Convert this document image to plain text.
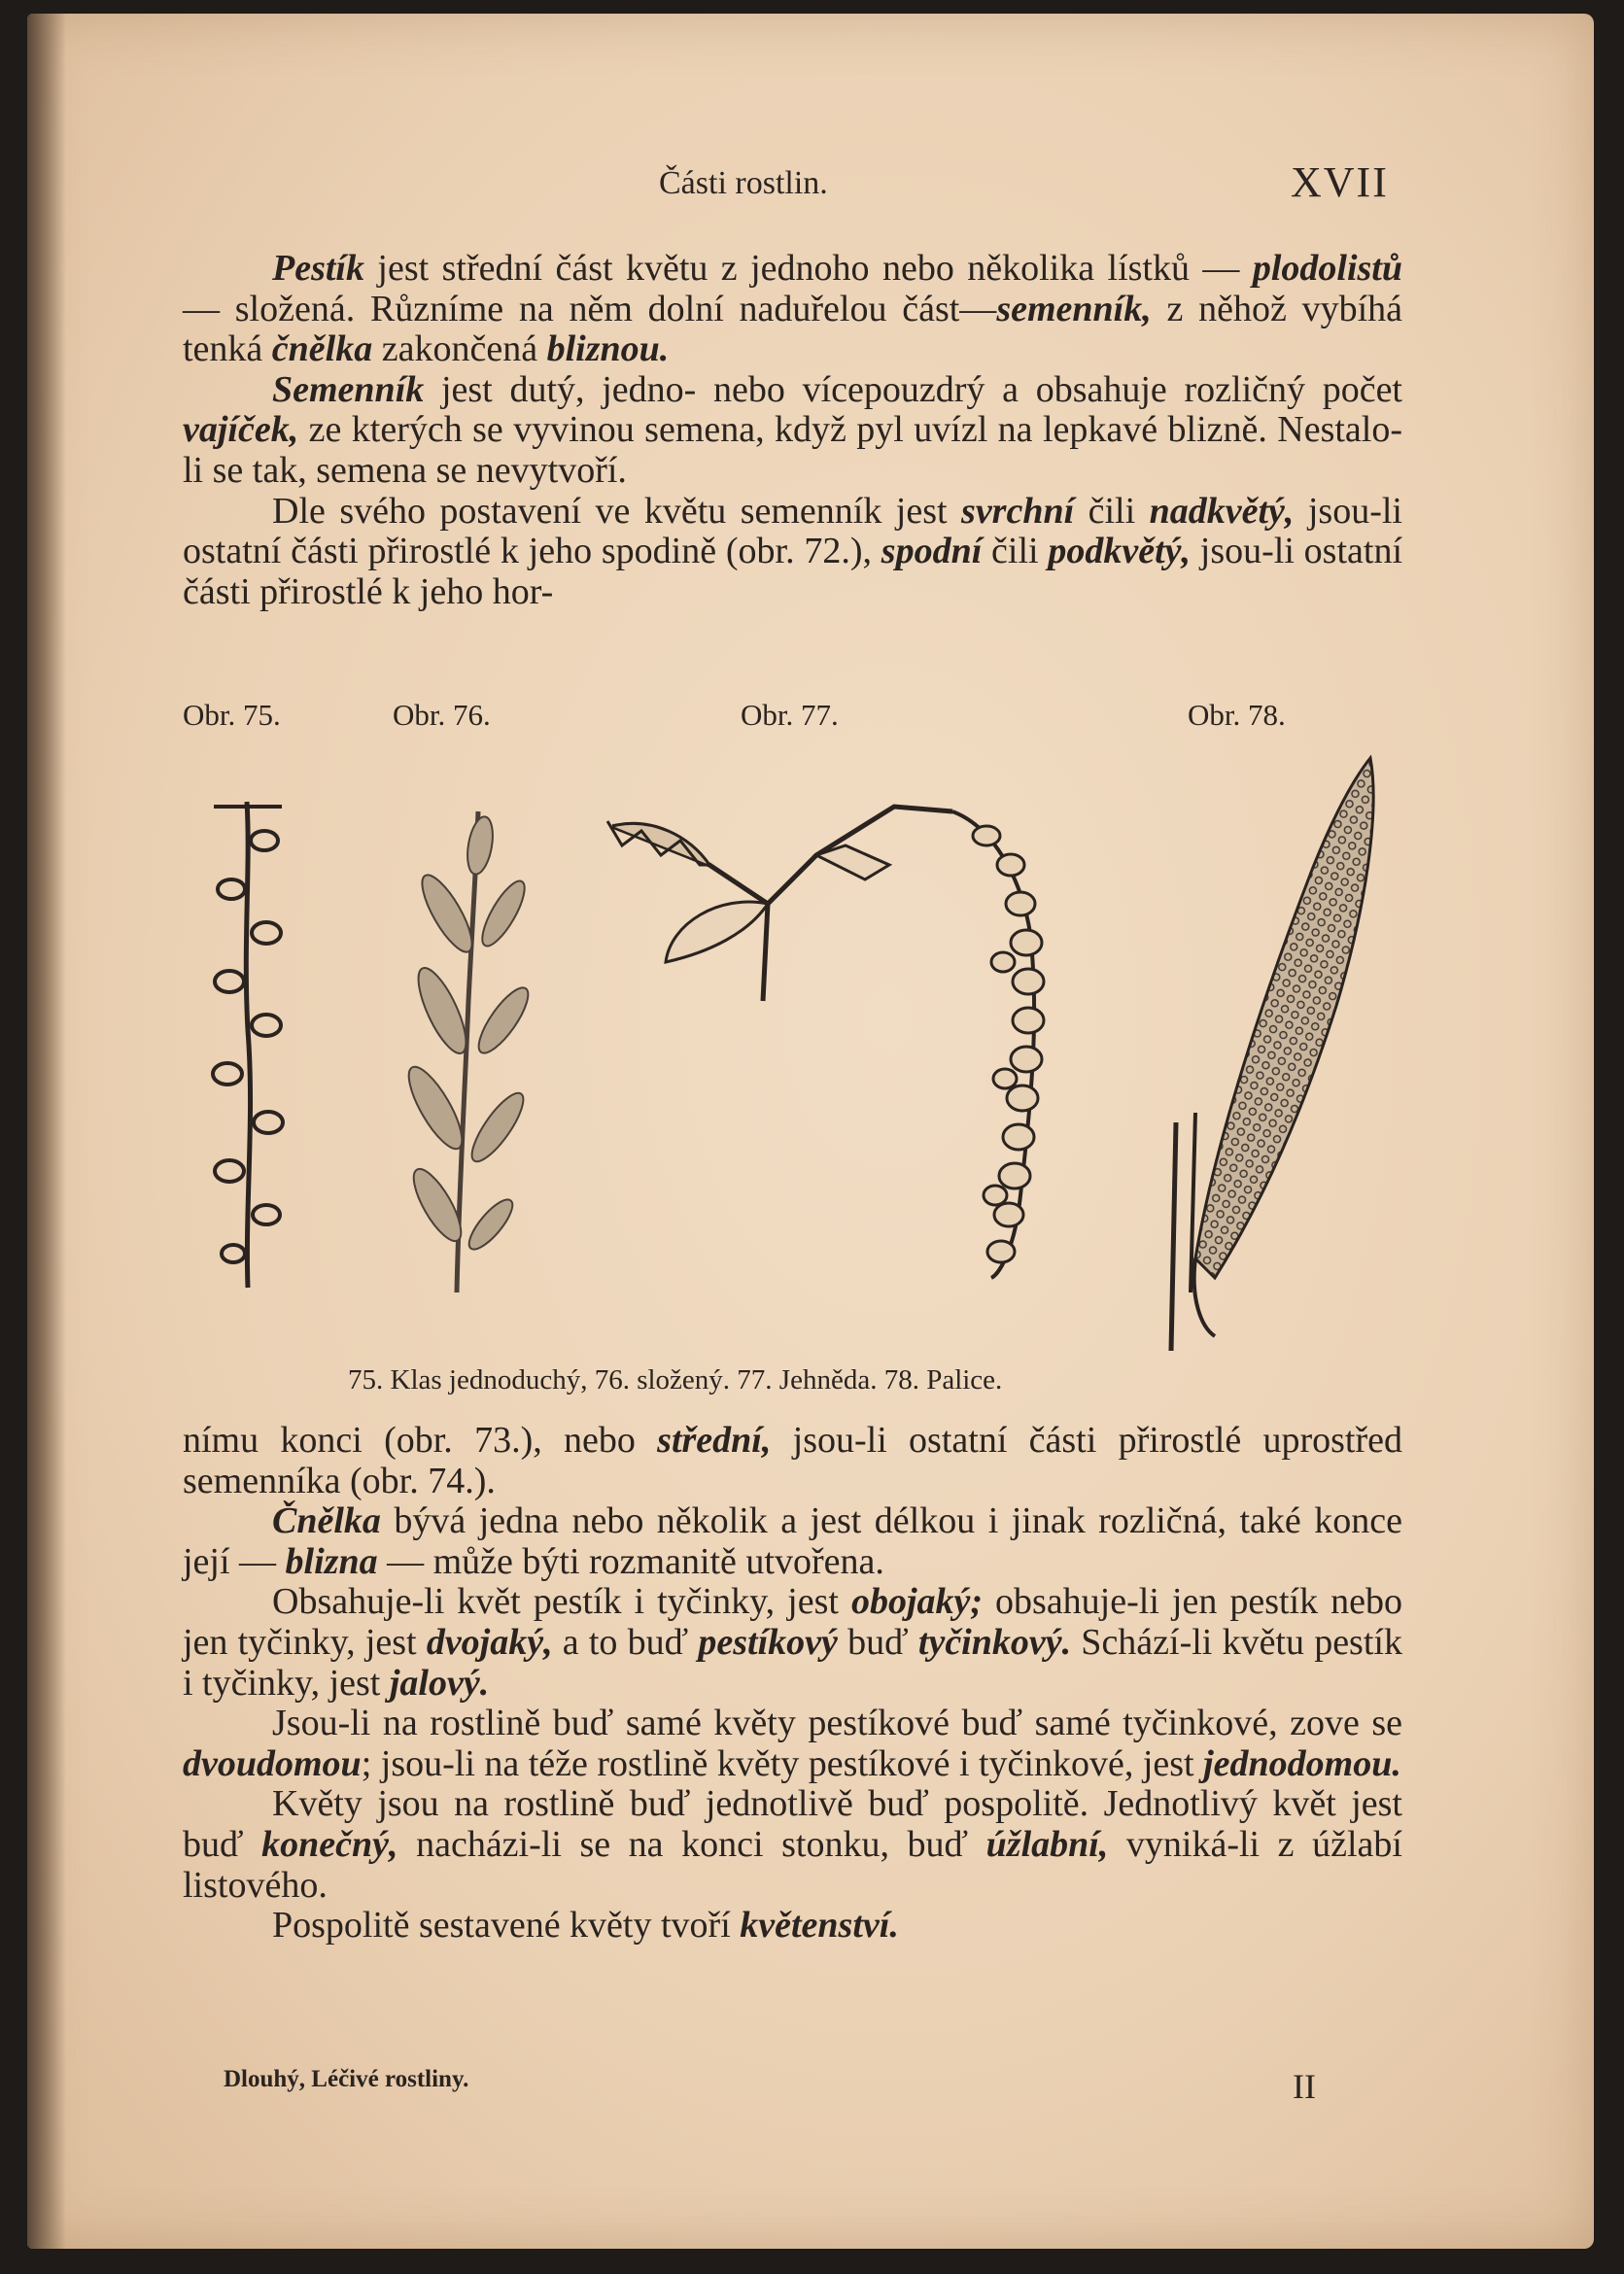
Části rostlin.	XVII

Pestík jest střední část květu z jednoho nebo několika lístků — plodolistů — složená. Různíme na něm dolní naduřelou část—semenník, z něhož vybíhá tenká čnělka zakončená bliznou.

Semenník jest dutý, jedno- nebo vícepouzdrý a obsahuje rozličný počet vajíček, ze kterých se vyvinou semena, když pyl uvízl na lepkavé blizně. Nestalo-li se tak, semena se nevytvoří.

Dle svého postavení ve květu semenník jest svrchní čili nadkvětý, jsou-li ostatní části přirostlé k jeho spodině (obr. 72.), spodní čili podkvětý, jsou-li ostatní části přirostlé k jeho hor-

Obr. 75.	Obr. 76.	Obr. 77.	Obr. 78.
75. Klas jednoduchý, 76. složený. 77. Jehněda. 78. Palice.

nímu konci (obr. 73.), nebo střední, jsou-li ostatní části přirostlé uprostřed semenníka (obr. 74.).

Čnělka bývá jedna nebo několik a jest délkou i jinak rozličná, také konce její — blizna — může býti rozmanitě utvořena.

Obsahuje-li květ pestík i tyčinky, jest obojaký; obsahuje-li jen pestík nebo jen tyčinky, jest dvojaký, a to buď pestíkový buď tyčinkový. Schází-li květu pestík i tyčinky, jest jalový.

Jsou-li na rostlině buď samé květy pestíkové buď samé tyčinkové, zove se dvoudomou; jsou-li na téže rostlině květy pestíkové i tyčinkové, jest jednodomou.

Květy jsou na rostlině buď jednotlivě buď pospolitě. Jednotlivý květ jest buď konečný, nacházi-li se na konci stonku, buď úžlabní, vyniká-li z úžlabí listového.

Pospolitě sestavené květy tvoří květenství.

Dlouhý, Léčivé rostliny.	II
